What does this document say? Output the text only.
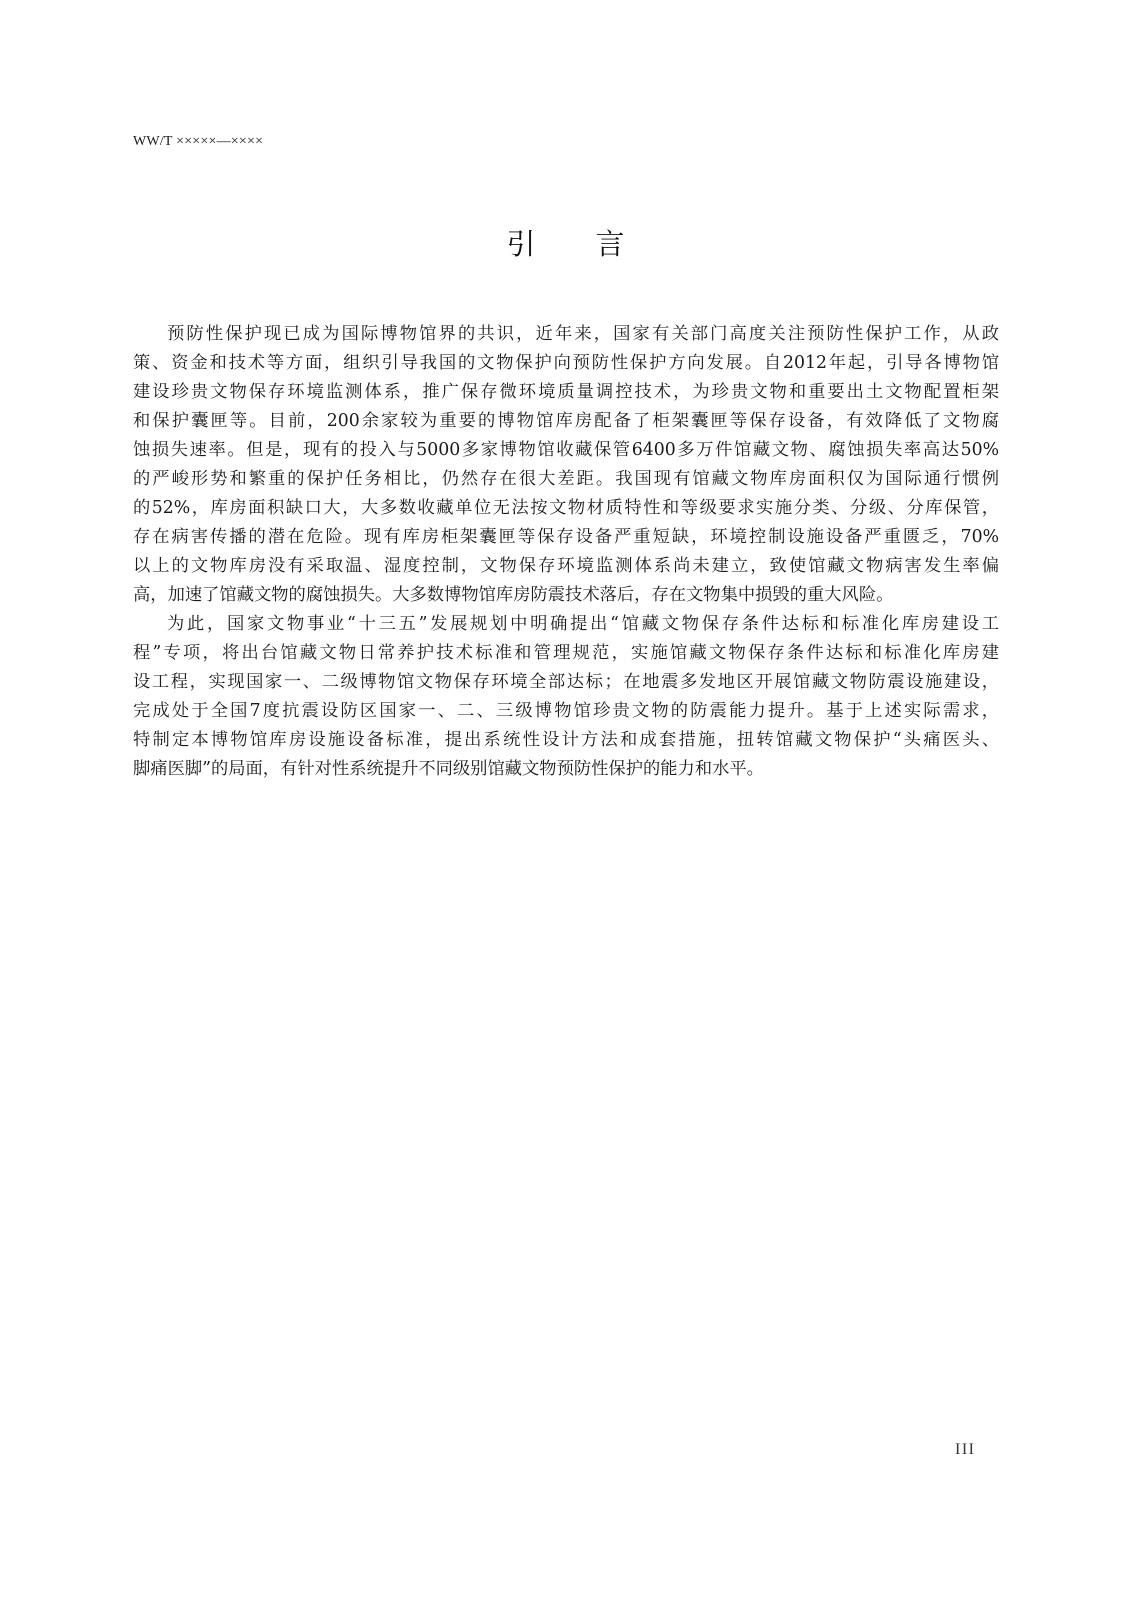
WW/T ×××××—××××
引言
预防性保护现已成为国际博物馆界的共识，近年来，国家有关部门高度关注预防性保护工作，从政
策、资金和技术等方面，组织引导我国的文物保护向预防性保护方向发展。自2012年起，引导各博物馆
建设珍贵文物保存环境监测体系，推广保存微环境质量调控技术，为珍贵文物和重要出土文物配置柜架
和保护囊匣等。目前，200余家较为重要的博物馆库房配备了柜架囊匣等保存设备，有效降低了文物腐
蚀损失速率。但是，现有的投入与5000多家博物馆收藏保管6400多万件馆藏文物、腐蚀损失率高达50%
的严峻形势和繁重的保护任务相比，仍然存在很大差距。我国现有馆藏文物库房面积仅为国际通行惯例
的52%，库房面积缺口大，大多数收藏单位无法按文物材质特性和等级要求实施分类、分级、分库保管，
存在病害传播的潜在危险。现有库房柜架囊匣等保存设备严重短缺，环境控制设施设备严重匮乏，70%
以上的文物库房没有采取温、湿度控制，文物保存环境监测体系尚未建立，致使馆藏文物病害发生率偏
高，加速了馆藏文物的腐蚀损失。大多数博物馆库房防震技术落后，存在文物集中损毁的重大风险。
为此，国家文物事业“十三五”发展规划中明确提出“馆藏文物保存条件达标和标准化库房建设工
程”专项，将出台馆藏文物日常养护技术标准和管理规范，实施馆藏文物保存条件达标和标准化库房建
设工程，实现国家一、二级博物馆文物保存环境全部达标；在地震多发地区开展馆藏文物防震设施建设，
完成处于全国7度抗震设防区国家一、二、三级博物馆珍贵文物的防震能力提升。基于上述实际需求，
特制定本博物馆库房设施设备标准，提出系统性设计方法和成套措施，扭转馆藏文物保护“头痛医头、
脚痛医脚”的局面，有针对性系统提升不同级别馆藏文物预防性保护的能力和水平。
III
